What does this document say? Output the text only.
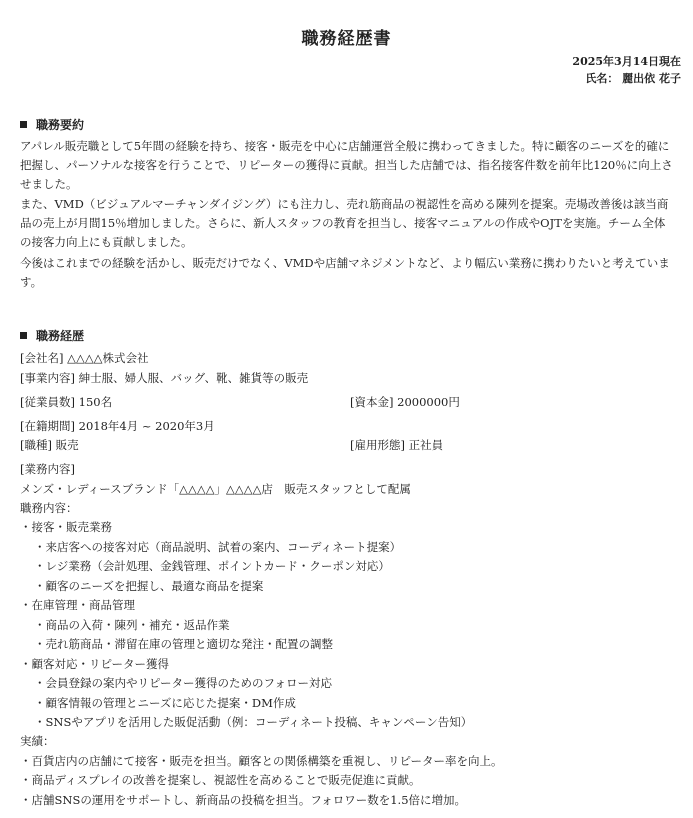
職務経歴書
2025年3月14日現在
氏名： 麗出依 花子
職務要約
アパレル販売職として5年間の経験を持ち、接客・販売を中心に店舗運営全般に携わってきました。特に顧客のニーズを的確に把握し、パーソナルな接客を行うことで、リピーターの獲得に貢献。担当した店舗では、指名接客件数を前年比120％に向上させました。
また、VMD（ビジュアルマーチャンダイジング）にも注力し、売れ筋商品の視認性を高める陳列を提案。売場改善後は該当商品の売上が月間15％増加しました。さらに、新人スタッフの教育を担当し、接客マニュアルの作成やOJTを実施。チーム全体の接客力向上にも貢献しました。
今後はこれまでの経験を活かし、販売だけでなく、VMDや店舗マネジメントなど、より幅広い業務に携わりたいと考えています。
職務経歴
[会社名] △△△△株式会社
[事業内容] 紳士服、婦人服、バッグ、靴、雑貨等の販売
[従業員数] 150名	[資本金] 2000000円
[在籍期間] 2018年4月 ~ 2020年3月
[職種] 販売	[雇用形態] 正社員
[業務内容]
メンズ・レディースブランド「△△△△」△△△△店　販売スタッフとして配属
職務内容：
・接客・販売業務
・来店客への接客対応（商品説明、試着の案内、コーディネート提案）
・レジ業務（会計処理、金銭管理、ポイントカード・クーポン対応）
・顧客のニーズを把握し、最適な商品を提案
・在庫管理・商品管理
・商品の入荷・陳列・補充・返品作業
・売れ筋商品・滞留在庫の管理と適切な発注・配置の調整
・顧客対応・リピーター獲得
・会員登録の案内やリピーター獲得のためのフォロー対応
・顧客情報の管理とニーズに応じた提案・DM作成
・SNSやアプリを活用した販促活動（例：コーディネート投稿、キャンペーン告知）
実績：
・百貨店内の店舗にて接客・販売を担当。顧客との関係構築を重視し、リピーター率を向上。
・商品ディスプレイの改善を提案し、視認性を高めることで販売促進に貢献。
・店舗SNSの運用をサポートし、新商品の投稿を担当。フォロワー数を1.5倍に増加。
